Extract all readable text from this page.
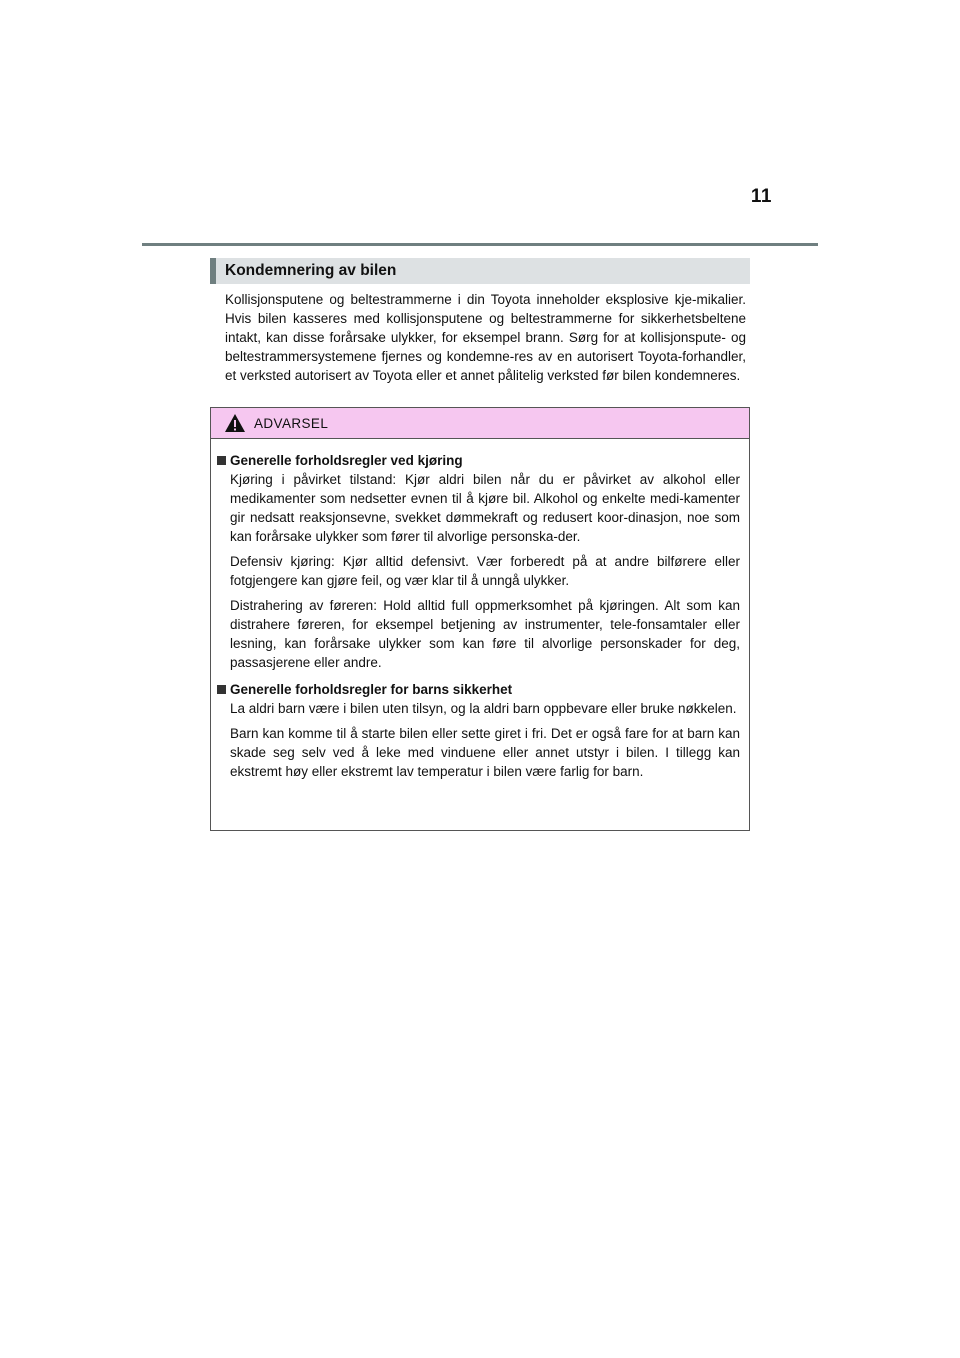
11
Kondemnering av bilen

Kollisjonsputene og beltestrammerne i din Toyota inneholder eksplosive kje-mikalier. Hvis bilen kasseres med kollisjonsputene og beltestrammerne for sikkerhetsbeltene intakt, kan disse forårsake ulykker, for eksempel brann. Sørg for at kollisjonspute- og beltestrammersystemene fjernes og kondemne-res av en autorisert Toyota-forhandler, et verksted autorisert av Toyota eller et annet pålitelig verksted før bilen kondemneres.

ADVARSEL

Generelle forholdsregler ved kjøring

Kjøring i påvirket tilstand: Kjør aldri bilen når du er påvirket av alkohol eller medikamenter som nedsetter evnen til å kjøre bil. Alkohol og enkelte medi-kamenter gir nedsatt reaksjonsevne, svekket dømmekraft og redusert koor-dinasjon, noe som kan forårsake ulykker som fører til alvorlige personska-der.

Defensiv kjøring: Kjør alltid defensivt. Vær forberedt på at andre bilførere eller fotgjengere kan gjøre feil, og vær klar til å unngå ulykker.

Distrahering av føreren: Hold alltid full oppmerksomhet på kjøringen. Alt som kan distrahere føreren, for eksempel betjening av instrumenter, tele-fonsamtaler eller lesning, kan forårsake ulykker som kan føre til alvorlige personskader for deg, passasjerene eller andre.

Generelle forholdsregler for barns sikkerhet

La aldri barn være i bilen uten tilsyn, og la aldri barn oppbevare eller bruke nøkkelen.

Barn kan komme til å starte bilen eller sette giret i fri. Det er også fare for at barn kan skade seg selv ved å leke med vinduene eller annet utstyr i bilen. I tillegg kan ekstremt høy eller ekstremt lav temperatur i bilen være farlig for barn.
